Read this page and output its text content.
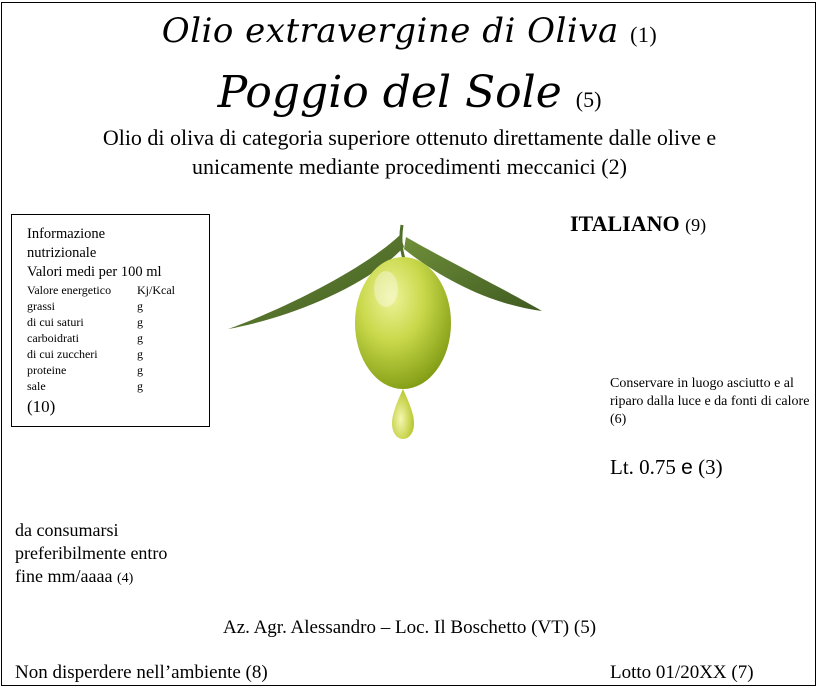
Olio extravergine di Oliva (1)
Poggio del Sole (5)
Olio di oliva di categoria superiore ottenuto direttamente dalle olive e
unicamente mediante procedimenti meccanici (2)
Informazione
nutrizionale
Valori medi per 100 ml
Valore energetico	Kj/Kcal
grassi	g
di cui saturi	g
carboidrati	g
di cui zuccheri	g
proteine	g
sale	g
(10)
ITALIANO (9)
Conservare in luogo asciutto e al riparo dalla luce e da fonti di calore (6)
Lt. 0.75 e (3)
da consumarsi
preferibilmente entro
fine mm/aaaa (4)
Az. Agr. Alessandro – Loc. Il Boschetto (VT) (5)
Non disperdere nell’ambiente (8)	Lotto 01/20XX (7)
